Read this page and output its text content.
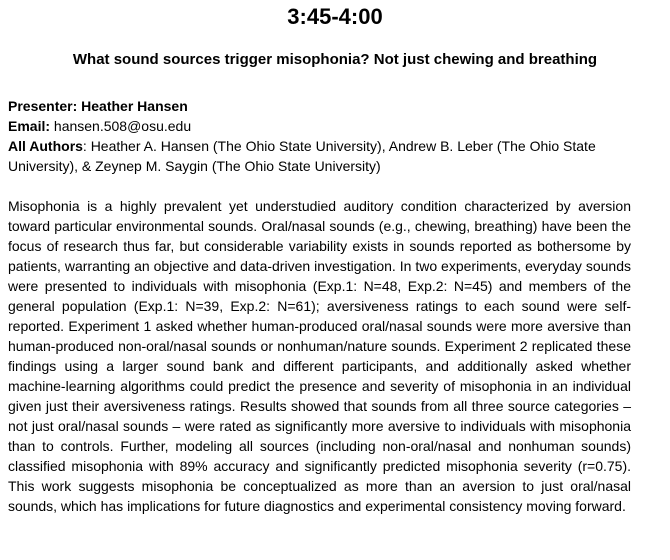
3:45-4:00
What sound sources trigger misophonia? Not just chewing and breathing
Presenter: Heather Hansen
Email: hansen.508@osu.edu
All Authors: Heather A. Hansen (The Ohio State University), Andrew B. Leber (The Ohio State University), & Zeynep M. Saygin (The Ohio State University)
Misophonia is a highly prevalent yet understudied auditory condition characterized by aversion toward particular environmental sounds. Oral/nasal sounds (e.g., chewing, breathing) have been the focus of research thus far, but considerable variability exists in sounds reported as bothersome by patients, warranting an objective and data-driven investigation. In two experiments, everyday sounds were presented to individuals with misophonia (Exp.1: N=48, Exp.2: N=45) and members of the general population (Exp.1: N=39, Exp.2: N=61); aversiveness ratings to each sound were self-reported. Experiment 1 asked whether human-produced oral/nasal sounds were more aversive than human-produced non-oral/nasal sounds or nonhuman/nature sounds. Experiment 2 replicated these findings using a larger sound bank and different participants, and additionally asked whether machine-learning algorithms could predict the presence and severity of misophonia in an individual given just their aversiveness ratings. Results showed that sounds from all three source categories – not just oral/nasal sounds – were rated as significantly more aversive to individuals with misophonia than to controls. Further, modeling all sources (including non-oral/nasal and nonhuman sounds) classified misophonia with 89% accuracy and significantly predicted misophonia severity (r=0.75). This work suggests misophonia be conceptualized as more than an aversion to just oral/nasal sounds, which has implications for future diagnostics and experimental consistency moving forward.
